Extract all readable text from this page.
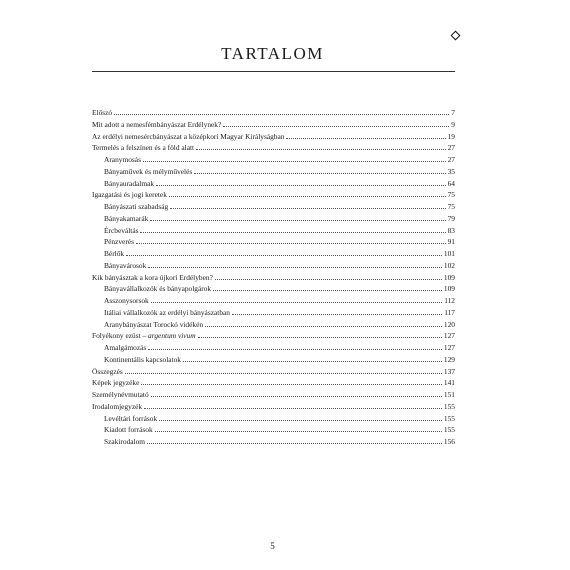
TARTALOM
Előszó	7
Mit adott a nemesfémbányászat Erdélynek?	9
Az erdélyi nemesércbányászat a középkori Magyar Királyságban	19
Termelés a felszínen és a föld alatt	27
Aranymosás	27
Bányaművek és mélyművelés	35
Bányauradalmak	64
Igazgatási és jogi keretek	75
Bányászati szabadság	75
Bányakamarák	79
Ércbeváltás	83
Pénzverés	91
Bérlők	101
Bányavárosok	102
Kik bányásztak a kora újkori Erdélyben?	109
Bányavállalkozók és bányapolgárok	109
Asszonysorsok	112
Itáliai vállalkozók az erdélyi bányászatban	117
Aranybányászat Torockó vidékén	120
Folyékony ezüst – argentum vivum	127
Amalgámozás	127
Kontinentális kapcsolatok	129
Összegzés	137
Képek jegyzéke	141
Személynévmutató	151
Irodalomjegyzék	155
Levéltári források	155
Kiadott források	155
Szakirodalom	156
5
